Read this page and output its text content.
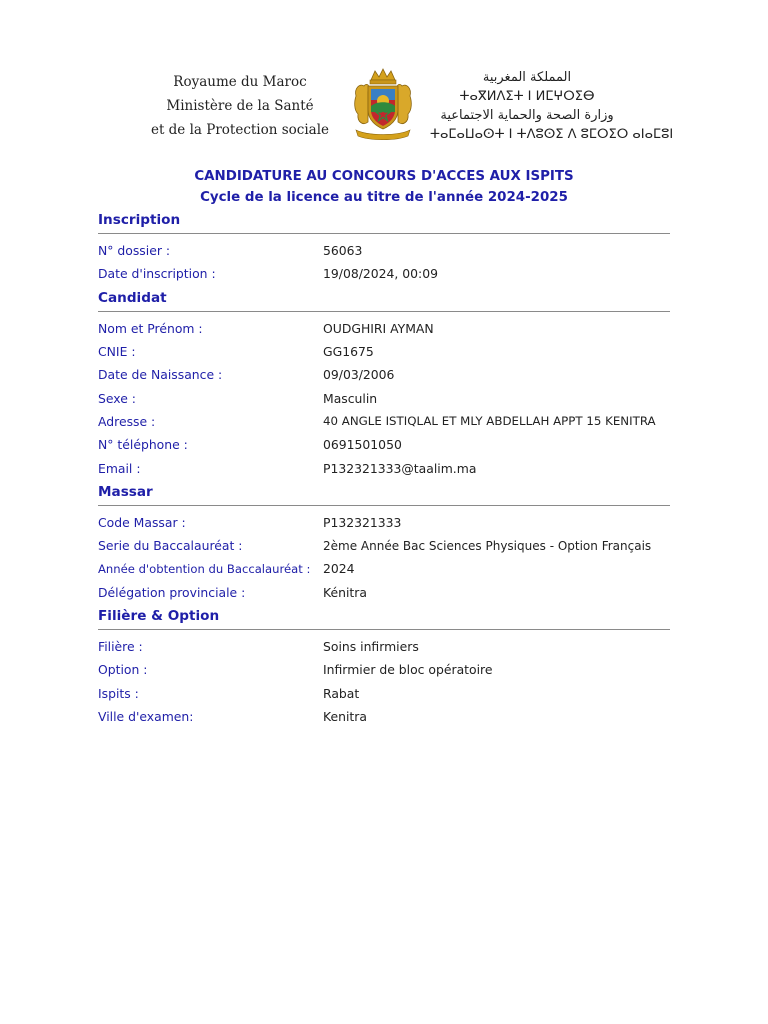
Royaume du Maroc
Ministère de la Santé
et de la Protection sociale
المملكة المغربية
ⵜⴰⴳⵍⴷⵉⵜ ⵏ ⵍⵎⵖⵔⵉⴱ
وزارة الصحة والحماية الاجتماعية
ⵜⴰⵎⴰⵡⴰⵙⵜ ⵏ ⵜⴷⵓⵙⵉ ⴷ ⵓⵎⵔⵉⵔ ⴰⵏⴰⵎⵓⵏ
CANDIDATURE AU CONCOURS D'ACCES AUX ISPITS
Cycle de la licence au titre de l'année 2024-2025
Inscription
N° dossier :	56063
Date d'inscription :	19/08/2024, 00:09
Candidat
Nom et Prénom :	OUDGHIRI AYMAN
CNIE :	GG1675
Date de Naissance :	09/03/2006
Sexe :	Masculin
Adresse :	40 ANGLE ISTIQLAL ET MLY ABDELLAH APPT 15 KENITRA
N° téléphone :	0691501050
Email :	P132321333@taalim.ma
Massar
Code Massar :	P132321333
Serie du Baccalauréat :	2ème Année Bac Sciences Physiques - Option Français
Année d'obtention du Baccalauréat :	2024
Délégation provinciale :	Kénitra
Filière & Option
Filière :	Soins infirmiers
Option :	Infirmier de bloc opératoire
Ispits :	Rabat
Ville d'examen:	Kenitra
